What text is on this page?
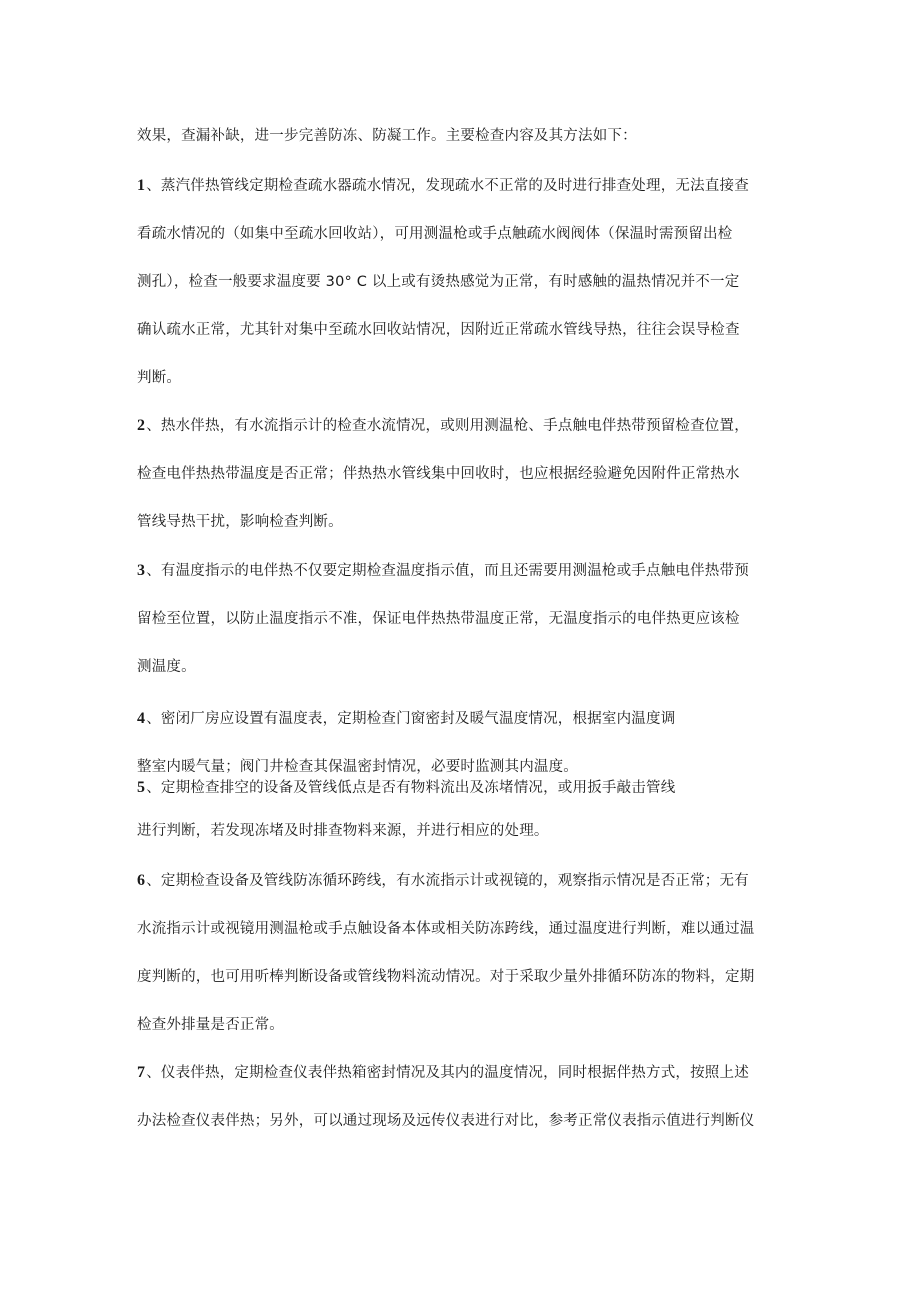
效果，查漏补缺，进一步完善防冻、防凝工作。主要检查内容及其方法如下：
1、蒸汽伴热管线定期检查疏水器疏水情况，发现疏水不正常的及时进行排查处理，无法直接查
看疏水情况的（如集中至疏水回收站），可用测温枪或手点触疏水阀阀体（保温时需预留出检
测孔），检查一般要求温度要 30° C 以上或有烫热感觉为正常，有时感触的温热情况并不一定
确认疏水正常，尤其针对集中至疏水回收站情况，因附近正常疏水管线导热，往往会误导检查
判断。
2、热水伴热，有水流指示计的检查水流情况，或则用测温枪、手点触电伴热带预留检查位置，
检查电伴热热带温度是否正常；伴热热水管线集中回收时，也应根据经验避免因附件正常热水
管线导热干扰，影响检查判断。
3、有温度指示的电伴热不仅要定期检查温度指示值，而且还需要用测温枪或手点触电伴热带预
留检至位置，以防止温度指示不准，保证电伴热热带温度正常，无温度指示的电伴热更应该检
测温度。
4、密闭厂房应设置有温度表，定期检查门窗密封及暖气温度情况，根据室内温度调
整室内暖气量；阀门井检查其保温密封情况，必要时监测其内温度。
5、定期检查排空的设备及管线低点是否有物料流出及冻堵情况，或用扳手敲击管线
进行判断，若发现冻堵及时排查物料来源，并进行相应的处理。
6、定期检查设备及管线防冻循环跨线，有水流指示计或视镜的，观察指示情况是否正常；无有
水流指示计或视镜用测温枪或手点触设备本体或相关防冻跨线，通过温度进行判断，难以通过温
度判断的，也可用听棒判断设备或管线物料流动情况。对于采取少量外排循环防冻的物料，定期
检查外排量是否正常。
7、仪表伴热，定期检查仪表伴热箱密封情况及其内的温度情况，同时根据伴热方式，按照上述
办法检查仪表伴热；另外，可以通过现场及远传仪表进行对比，参考正常仪表指示值进行判断仪
